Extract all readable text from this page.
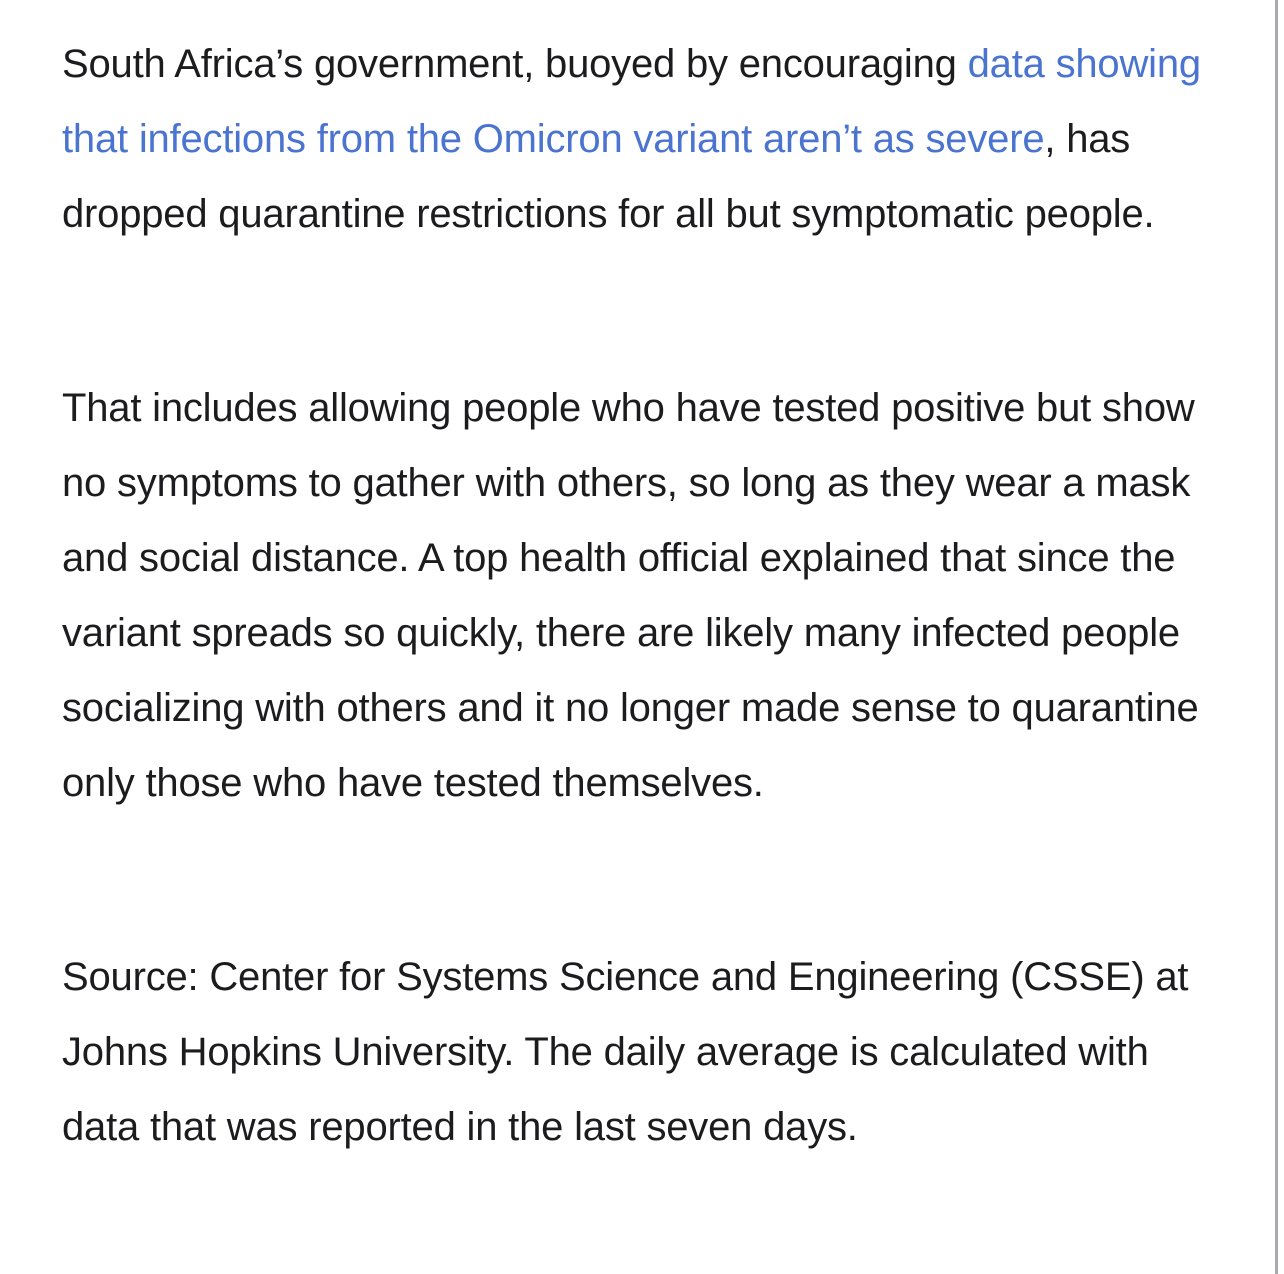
South Africa’s government, buoyed by encouraging data showing that infections from the Omicron variant aren’t as severe, has dropped quarantine restrictions for all but symptomatic people.

That includes allowing people who have tested positive but show no symptoms to gather with others, so long as they wear a mask and social distance. A top health official explained that since the variant spreads so quickly, there are likely many infected people socializing with others and it no longer made sense to quarantine only those who have tested themselves.

Source: Center for Systems Science and Engineering (CSSE) at Johns Hopkins University. The daily average is calculated with data that was reported in the last seven days.
